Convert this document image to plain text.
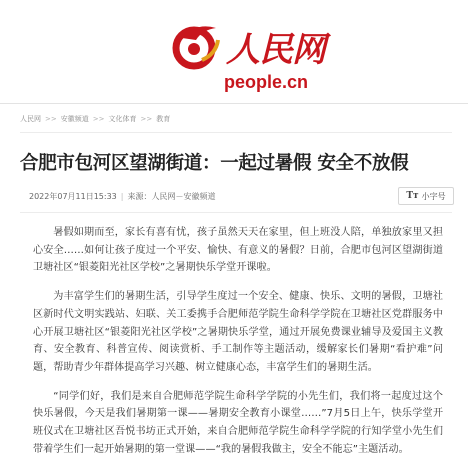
人民网
people.cn
人民网 >> 安徽频道 >> 文化体育 >> 教育
合肥市包河区望湖街道：一起过暑假 安全不放假
2022年07月11日15:33 | 来源：人民网－安徽频道	Tт 小字号

暑假如期而至，家长有喜有忧，孩子虽然天天在家里，但上班没人陪，单独放家里又担心安全……如何让孩子度过一个平安、愉快、有意义的暑假？日前，合肥市包河区望湖街道卫塘社区“银菱阳光社区学校”之暑期快乐学堂开课啦。

为丰富学生们的暑期生活，引导学生度过一个安全、健康、快乐、文明的暑假，卫塘社区新时代文明实践站、妇联、关工委携手合肥师范学院生命科学学院在卫塘社区党群服务中心开展卫塘社区“银菱阳光社区学校”之暑期快乐学堂，通过开展免费课业辅导及爱国主义教育、安全教育、科普宣传、阅读赏析、手工制作等主题活动，缓解家长们暑期“看护难”问题，帮助青少年群体提高学习兴趣、树立健康心态，丰富学生们的暑期生活。

“同学们好，我们是来自合肥师范学院生命科学学院的小先生们，我们将一起度过这个快乐暑假，今天是我们暑期第一课——暑期安全教育小课堂……”7月5日上午，快乐学堂开班仪式在卫塘社区吾悦书坊正式开始，来自合肥师范学院生命科学学院的行知学堂小先生们带着学生们一起开始暑期的第一堂课——“我的暑假我做主，安全不能忘”主题活动。
